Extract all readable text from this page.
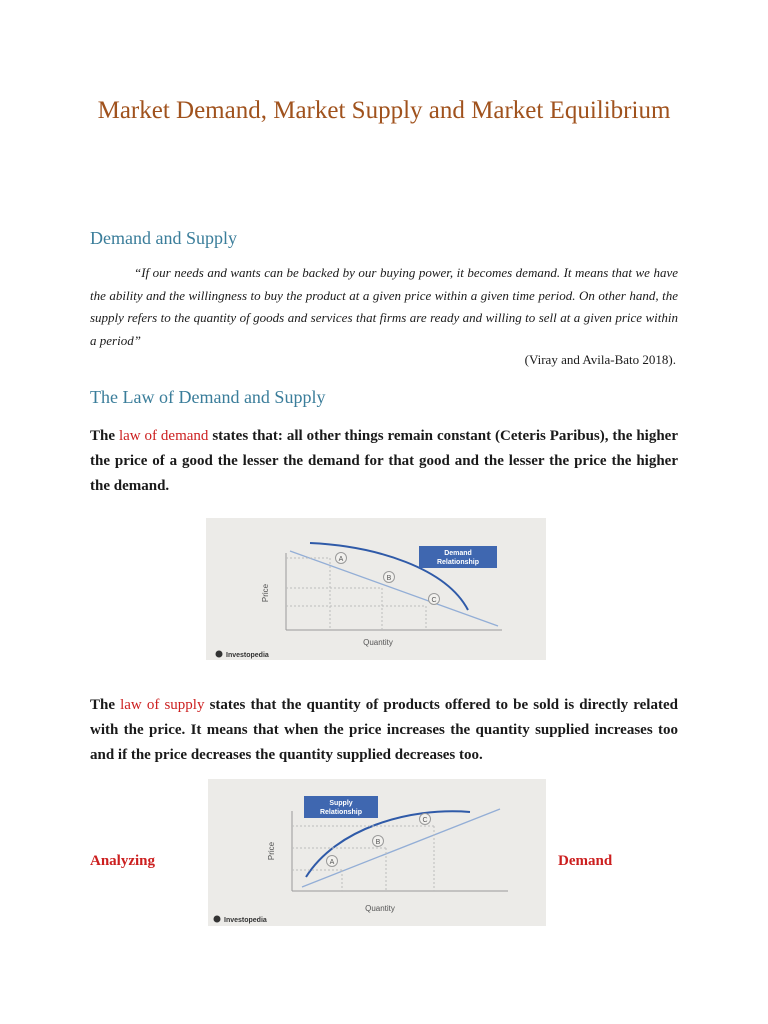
Market Demand, Market Supply and Market Equilibrium
Demand and Supply
“If our needs and wants can be backed by our buying power, it becomes demand. It means that we have the ability and the willingness to buy the product at a given price within a given time period. On other hand, the supply refers to the quantity of goods and services that firms are ready and willing to sell at a given price within a period”
(Viray and Avila-Bato 2018).
The Law of Demand and Supply
The law of demand states that: all other things remain constant (Ceteris Paribus), the higher the price of a good the lesser the demand for that good and the lesser the price the higher the demand.
A
B
C
Demand
Relationship
Price
Quantity
Investopedia
The law of supply states that the quantity of products offered to be sold is directly related with the price. It means that when the price increases the quantity supplied increases too and if the price decreases the quantity supplied decreases too.
A
B
C
Supply
Relationship
Price
Quantity
Investopedia
Analyzing	Demand
